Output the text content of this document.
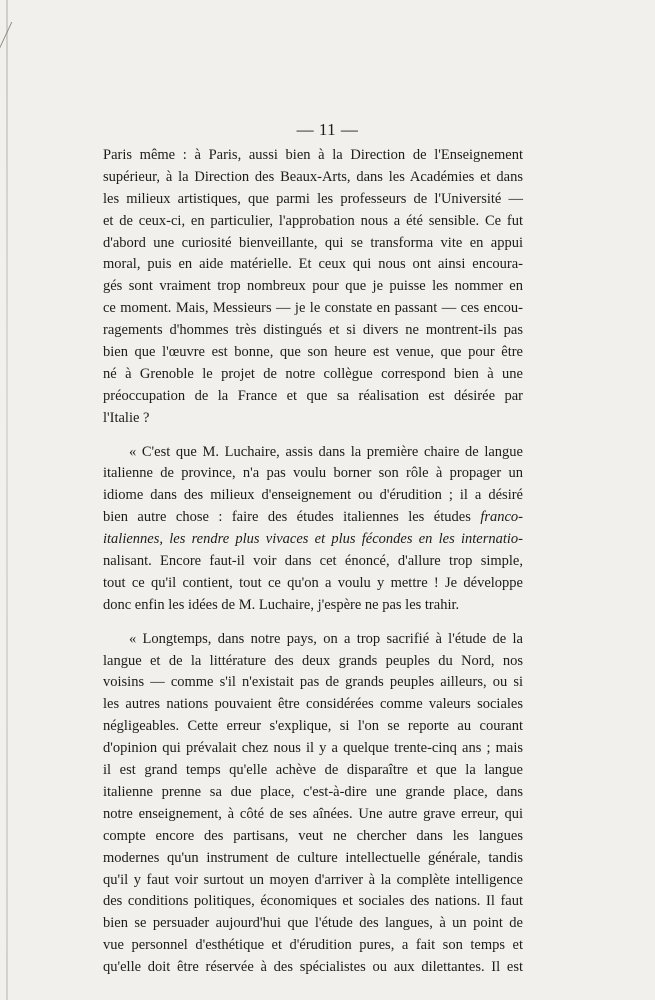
— 11 —
Paris même : à Paris, aussi bien à la Direction de l'Enseignement
supérieur, à la Direction des Beaux-Arts, dans les Académies et dans
les milieux artistiques, que parmi les professeurs de l'Université —
et de ceux-ci, en particulier, l'approbation nous a été sensible. Ce fut
d'abord une curiosité bienveillante, qui se transforma vite en appui
moral, puis en aide matérielle. Et ceux qui nous ont ainsi encoura-
gés sont vraiment trop nombreux pour que je puisse les nommer en
ce moment. Mais, Messieurs — je le constate en passant — ces encou-
ragements d'hommes très distingués et si divers ne montrent-ils pas
bien que l'œuvre est bonne, que son heure est venue, que pour être
né à Grenoble le projet de notre collègue correspond bien à une
préoccupation de la France et que sa réalisation est désirée par
l'Italie ?
« C'est que M. Luchaire, assis dans la première chaire de langue
italienne de province, n'a pas voulu borner son rôle à propager un
idiome dans des milieux d'enseignement ou d'érudition ; il a désiré
bien autre chose : faire des études italiennes les études franco-
italiennes, les rendre plus vivaces et plus fécondes en les internatio-
nalisant. Encore faut-il voir dans cet énoncé, d'allure trop simple,
tout ce qu'il contient, tout ce qu'on a voulu y mettre ! Je développe
donc enfin les idées de M. Luchaire, j'espère ne pas les trahir.
« Longtemps, dans notre pays, on a trop sacrifié à l'étude de la
langue et de la littérature des deux grands peuples du Nord, nos
voisins — comme s'il n'existait pas de grands peuples ailleurs, ou si
les autres nations pouvaient être considérées comme valeurs sociales
négligeables. Cette erreur s'explique, si l'on se reporte au courant
d'opinion qui prévalait chez nous il y a quelque trente-cinq ans ; mais
il est grand temps qu'elle achève de disparaître et que la langue
italienne prenne sa due place, c'est-à-dire une grande place, dans
notre enseignement, à côté de ses aînées. Une autre grave erreur, qui
compte encore des partisans, veut ne chercher dans les langues
modernes qu'un instrument de culture intellectuelle générale, tandis
qu'il y faut voir surtout un moyen d'arriver à la complète intelligence
des conditions politiques, économiques et sociales des nations. Il faut
bien se persuader aujourd'hui que l'étude des langues, à un point de
vue personnel d'esthétique et d'érudition pures, a fait son temps et
qu'elle doit être réservée à des spécialistes ou aux dilettantes. Il est
